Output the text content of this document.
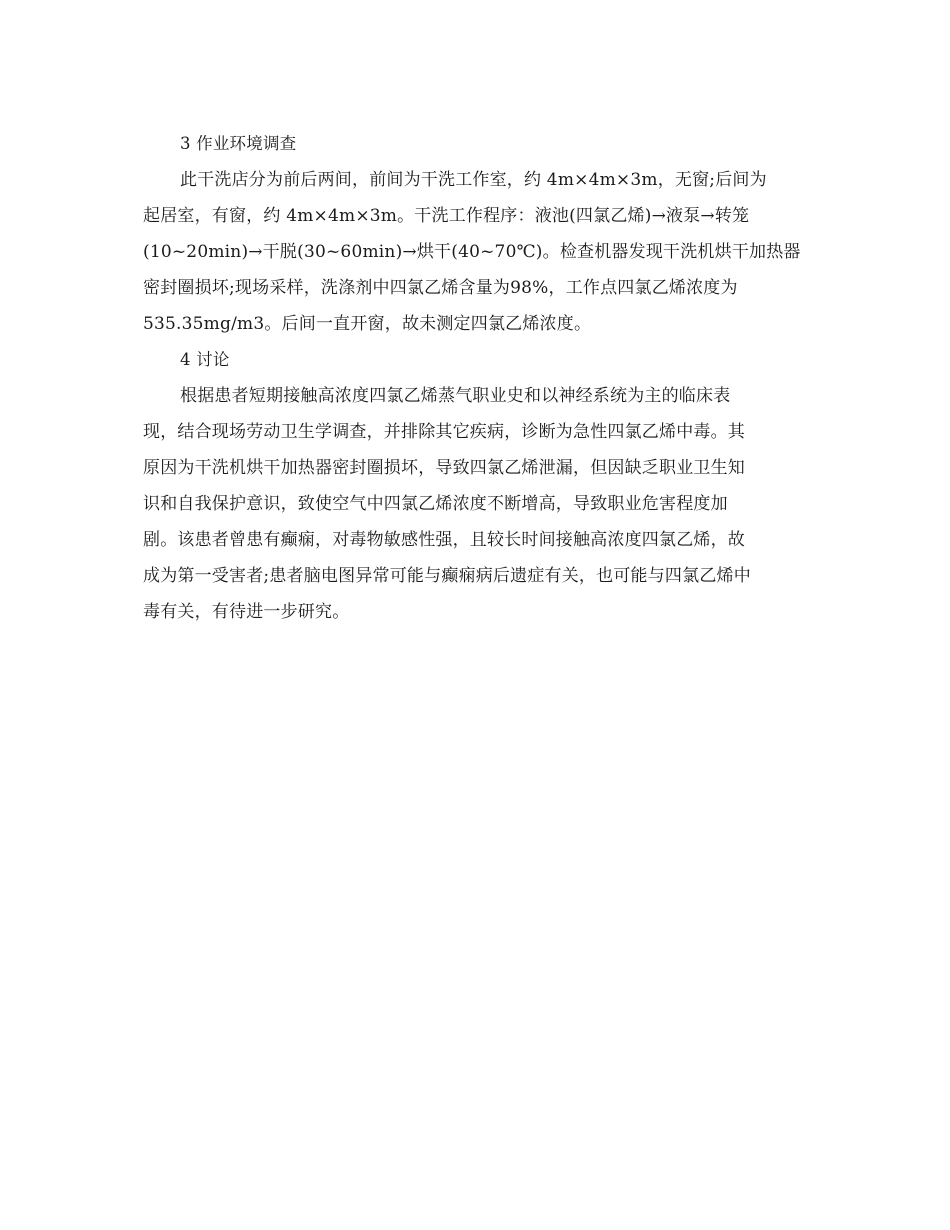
3 作业环境调查
此干洗店分为前后两间，前间为干洗工作室，约 4m×4m×3m，无窗;后间为
起居室，有窗，约 4m×4m×3m。干洗工作程序：液池(四氯乙烯)→液泵→转笼
(10~20min)→干脱(30~60min)→烘干(40~70℃)。检查机器发现干洗机烘干加热器
密封圈损坏;现场采样，洗涤剂中四氯乙烯含量为98%，工作点四氯乙烯浓度为
535.35mg/m3。后间一直开窗，故未测定四氯乙烯浓度。
4 讨论
根据患者短期接触高浓度四氯乙烯蒸气职业史和以神经系统为主的临床表
现，结合现场劳动卫生学调查，并排除其它疾病，诊断为急性四氯乙烯中毒。其
原因为干洗机烘干加热器密封圈损坏，导致四氯乙烯泄漏，但因缺乏职业卫生知
识和自我保护意识，致使空气中四氯乙烯浓度不断增高，导致职业危害程度加
剧。该患者曾患有癫痫，对毒物敏感性强，且较长时间接触高浓度四氯乙烯，故
成为第一受害者;患者脑电图异常可能与癫痫病后遗症有关，也可能与四氯乙烯中
毒有关，有待进一步研究。
